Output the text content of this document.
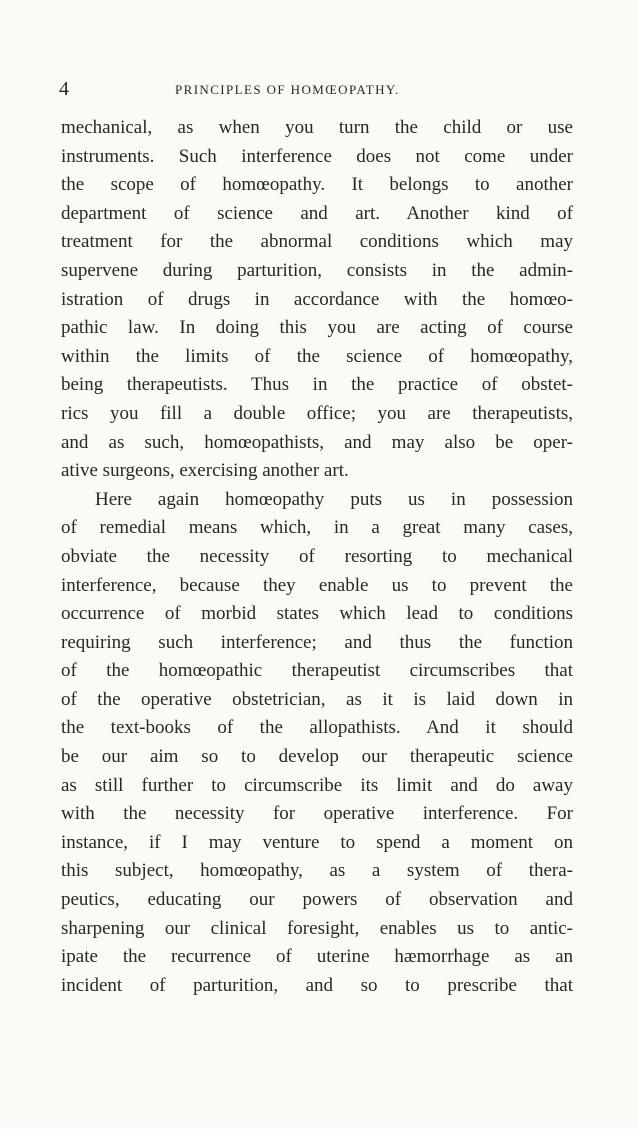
4	PRINCIPLES OF HOMŒOPATHY.
mechanical, as when you turn the child or use
instruments. Such interference does not come under
the scope of homœopathy. It belongs to another
department of science and art. Another kind of
treatment for the abnormal conditions which may
supervene during parturition, consists in the admin-
istration of drugs in accordance with the homœo-
pathic law. In doing this you are acting of course
within the limits of the science of homœopathy,
being therapeutists. Thus in the practice of obstet-
rics you fill a double office; you are therapeutists,
and as such, homœopathists, and may also be oper-
ative surgeons, exercising another art.
Here again homœopathy puts us in possession
of remedial means which, in a great many cases,
obviate the necessity of resorting to mechanical
interference, because they enable us to prevent the
occurrence of morbid states which lead to conditions
requiring such interference; and thus the function
of the homœopathic therapeutist circumscribes that
of the operative obstetrician, as it is laid down in
the text-books of the allopathists. And it should
be our aim so to develop our therapeutic science
as still further to circumscribe its limit and do away
with the necessity for operative interference. For
instance, if I may venture to spend a moment on
this subject, homœopathy, as a system of thera-
peutics, educating our powers of observation and
sharpening our clinical foresight, enables us to antic-
ipate the recurrence of uterine hæmorrhage as an
incident of parturition, and so to prescribe that
